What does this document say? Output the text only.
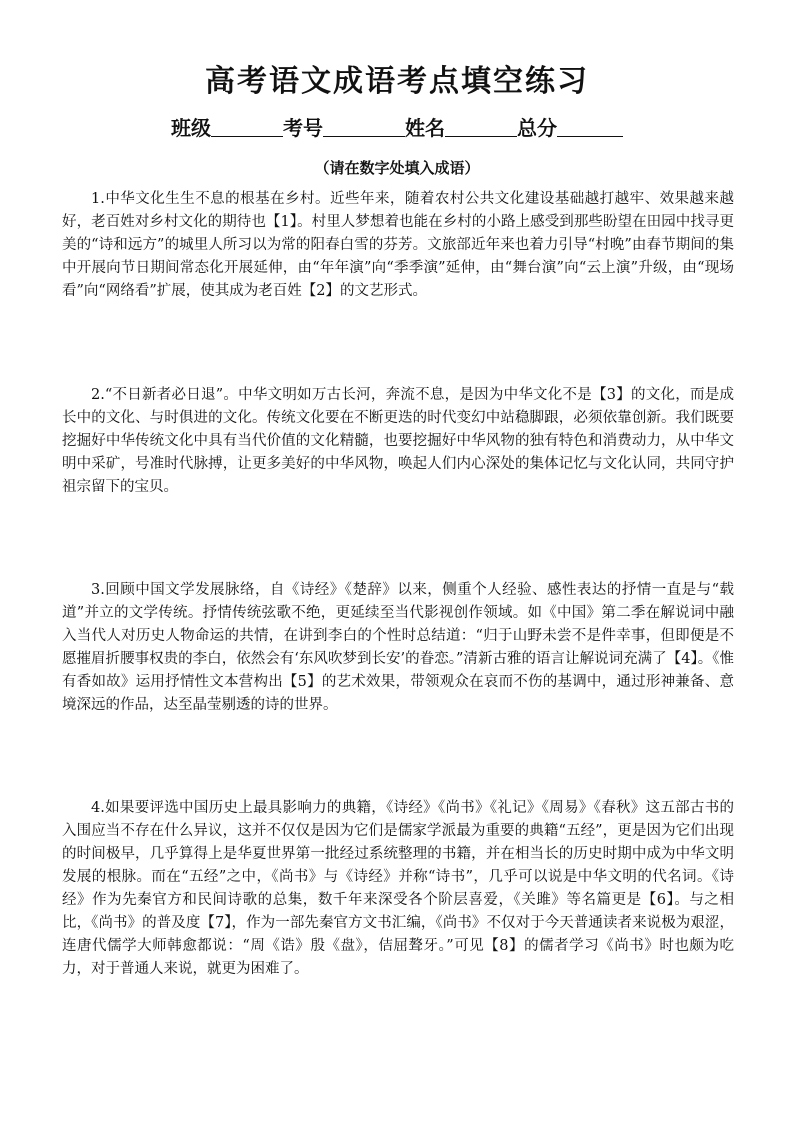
高考语文成语考点填空练习
班级	考号	姓名	总分
（请在数字处填入成语）

1.中华文化生生不息的根基在乡村。近些年来，随着农村公共文化建设基础越打越牢、效果越来越好，老百姓对乡村文化的期待也【1】。村里人梦想着也能在乡村的小路上感受到那些盼望在田园中找寻更美的“诗和远方”的城里人所习以为常的阳春白雪的芬芳。文旅部近年来也着力引导“村晚”由春节期间的集中开展向节日期间常态化开展延伸，由“年年演”向“季季演”延伸，由“舞台演”向“云上演”升级，由“现场看”向“网络看”扩展，使其成为老百姓【2】的文艺形式。

2.“不日新者必日退”。中华文明如万古长河，奔流不息，是因为中华文化不是【3】的文化，而是成长中的文化、与时俱进的文化。传统文化要在不断更迭的时代变幻中站稳脚跟，必须依靠创新。我们既要挖掘好中华传统文化中具有当代价值的文化精髓，也要挖掘好中华风物的独有特色和消费动力，从中华文明中采矿，号准时代脉搏，让更多美好的中华风物，唤起人们内心深处的集体记忆与文化认同，共同守护祖宗留下的宝贝。

3.回顾中国文学发展脉络，自《诗经》《楚辞》以来，侧重个人经验、感性表达的抒情一直是与“载道”并立的文学传统。抒情传统弦歌不绝，更延续至当代影视创作领域。如《中国》第二季在解说词中融入当代人对历史人物命运的共情，在讲到李白的个性时总结道：“归于山野未尝不是件幸事，但即便是不愿摧眉折腰事权贵的李白，依然会有‘东风吹梦到长安’的眷恋。”清新古雅的语言让解说词充满了【4】。《惟有香如故》运用抒情性文本营构出【5】的艺术效果，带领观众在哀而不伤的基调中，通过形神兼备、意境深远的作品，达至晶莹剔透的诗的世界。

4.如果要评选中国历史上最具影响力的典籍，《诗经》《尚书》《礼记》《周易》《春秋》这五部古书的入围应当不存在什么异议，这并不仅仅是因为它们是儒家学派最为重要的典籍“五经”，更是因为它们出现的时间极早，几乎算得上是华夏世界第一批经过系统整理的书籍，并在相当长的历史时期中成为中华文明发展的根脉。而在“五经”之中，《尚书》与《诗经》并称“诗书”，几乎可以说是中华文明的代名词。《诗经》作为先秦官方和民间诗歌的总集，数千年来深受各个阶层喜爱，《关雎》等名篇更是【6】。与之相比，《尚书》的普及度【7】，作为一部先秦官方文书汇编，《尚书》不仅对于今天普通读者来说极为艰涩，连唐代儒学大师韩愈都说：“周《诰》殷《盘》，佶屈聱牙。”可见【8】的儒者学习《尚书》时也颇为吃力，对于普通人来说，就更为困难了。
